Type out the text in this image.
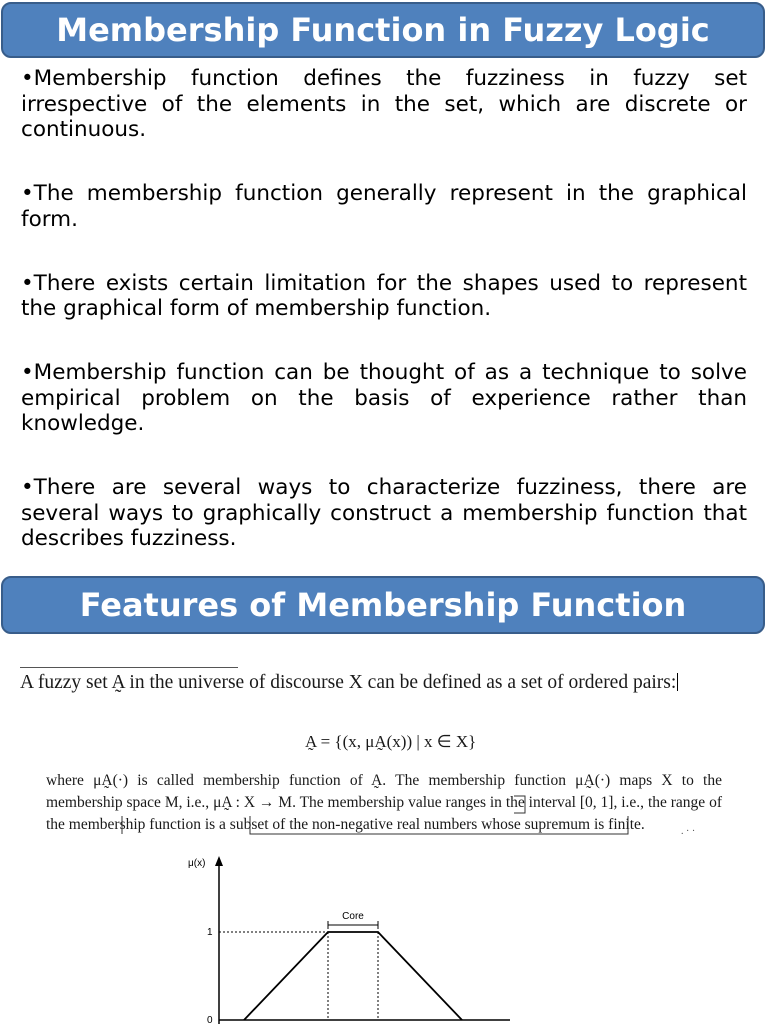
Membership Function in Fuzzy Logic

•Membership function defines the fuzziness in fuzzy set irrespective of the elements in the set, which are discrete or continuous.

•The membership function generally represent in the graphical form.

•There exists certain limitation for the shapes used to represent the graphical form of membership function.

•Membership function can be thought of as a technique to solve empirical problem on the basis of experience rather than knowledge.

•There are several ways to characterize fuzziness, there are several ways to graphically construct a membership function that describes fuzziness.

Features of Membership Function
A fuzzy set A̰ in the universe of discourse X can be defined as a set of ordered pairs:
A̰ = {(x, μA̰(x)) | x ∈ X}
where μA̰(·) is called membership function of A̰. The membership function μA̰(·) maps X to the membership space M, i.e., μA̰ : X → M. The membership value ranges in the interval [0, 1], i.e., the range of the membership function is a subset of the non-negative real numbers whose supremum is finite.	. · ·
μ(x)
1
0
Core
